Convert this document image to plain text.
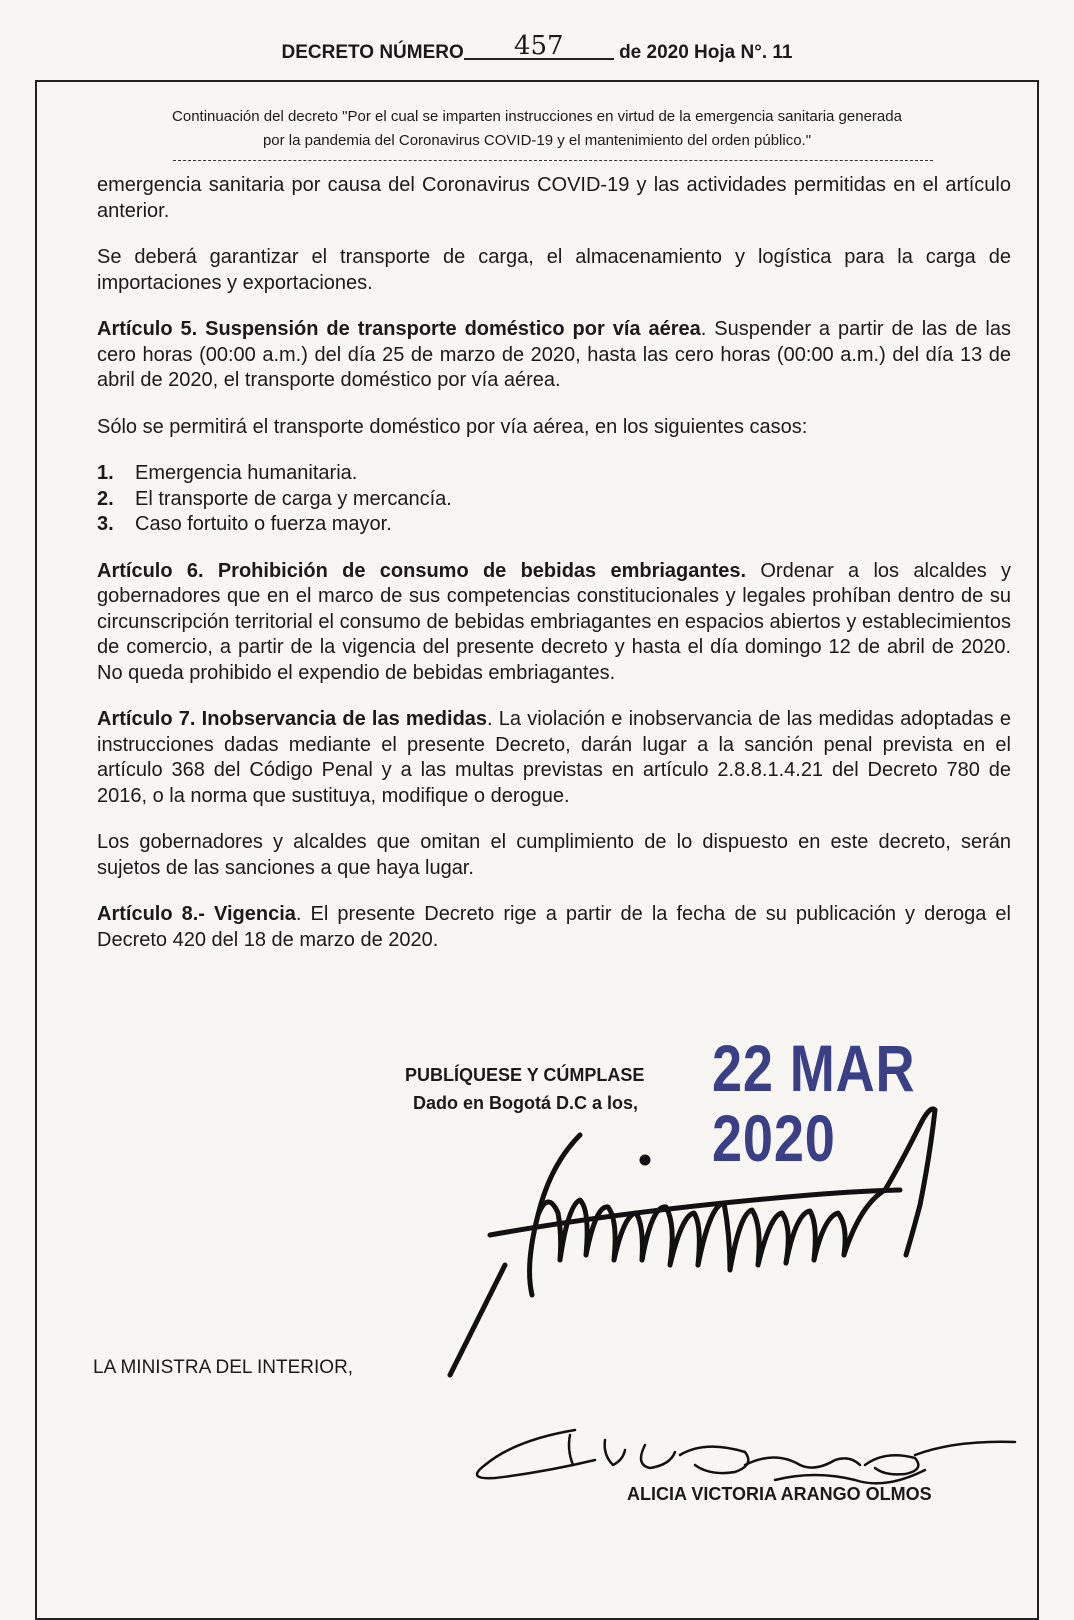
DECRETO NÚMERO 457	de 2020 Hoja N°. 11
Continuación del decreto "Por el cual se imparten instrucciones en virtud de la emergencia sanitaria generada
por la pandemia del Coronavirus COVID-19 y el mantenimiento del orden público."

emergencia sanitaria por causa del Coronavirus COVID-19 y las actividades permitidas en el artículo anterior.

Se deberá garantizar el transporte de carga, el almacenamiento y logística para la carga de importaciones y exportaciones.

Artículo 5. Suspensión de transporte doméstico por vía aérea. Suspender a partir de las de las cero horas (00:00 a.m.) del día 25 de marzo de 2020, hasta las cero horas (00:00 a.m.) del día 13 de abril de 2020, el transporte doméstico por vía aérea.

Sólo se permitirá el transporte doméstico por vía aérea, en los siguientes casos:

1.	Emergencia humanitaria.
2.	El transporte de carga y mercancía.
3.	Caso fortuito o fuerza mayor.

Artículo 6. Prohibición de consumo de bebidas embriagantes. Ordenar a los alcaldes y gobernadores que en el marco de sus competencias constitucionales y legales prohíban dentro de su circunscripción territorial el consumo de bebidas embriagantes en espacios abiertos y establecimientos de comercio, a partir de la vigencia del presente decreto y hasta el día domingo 12 de abril de 2020. No queda prohibido el expendio de bebidas embriagantes.

Artículo 7. Inobservancia de las medidas. La violación e inobservancia de las medidas adoptadas e instrucciones dadas mediante el presente Decreto, darán lugar a la sanción penal prevista en el artículo 368 del Código Penal y a las multas previstas en artículo 2.8.8.1.4.21 del Decreto 780 de 2016, o la norma que sustituya, modifique o derogue.

Los gobernadores y alcaldes que omitan el cumplimiento de lo dispuesto en este decreto, serán sujetos de las sanciones a que haya lugar.

Artículo 8.- Vigencia. El presente Decreto rige a partir de la fecha de su publicación y deroga el Decreto 420 del 18 de marzo de 2020.

PUBLÍQUESE Y CÚMPLASE 22 MAR 2020
Dado en Bogotá D.C a los,
LA MINISTRA DEL INTERIOR,
ALICIA VICTORIA ARANGO OLMOS
